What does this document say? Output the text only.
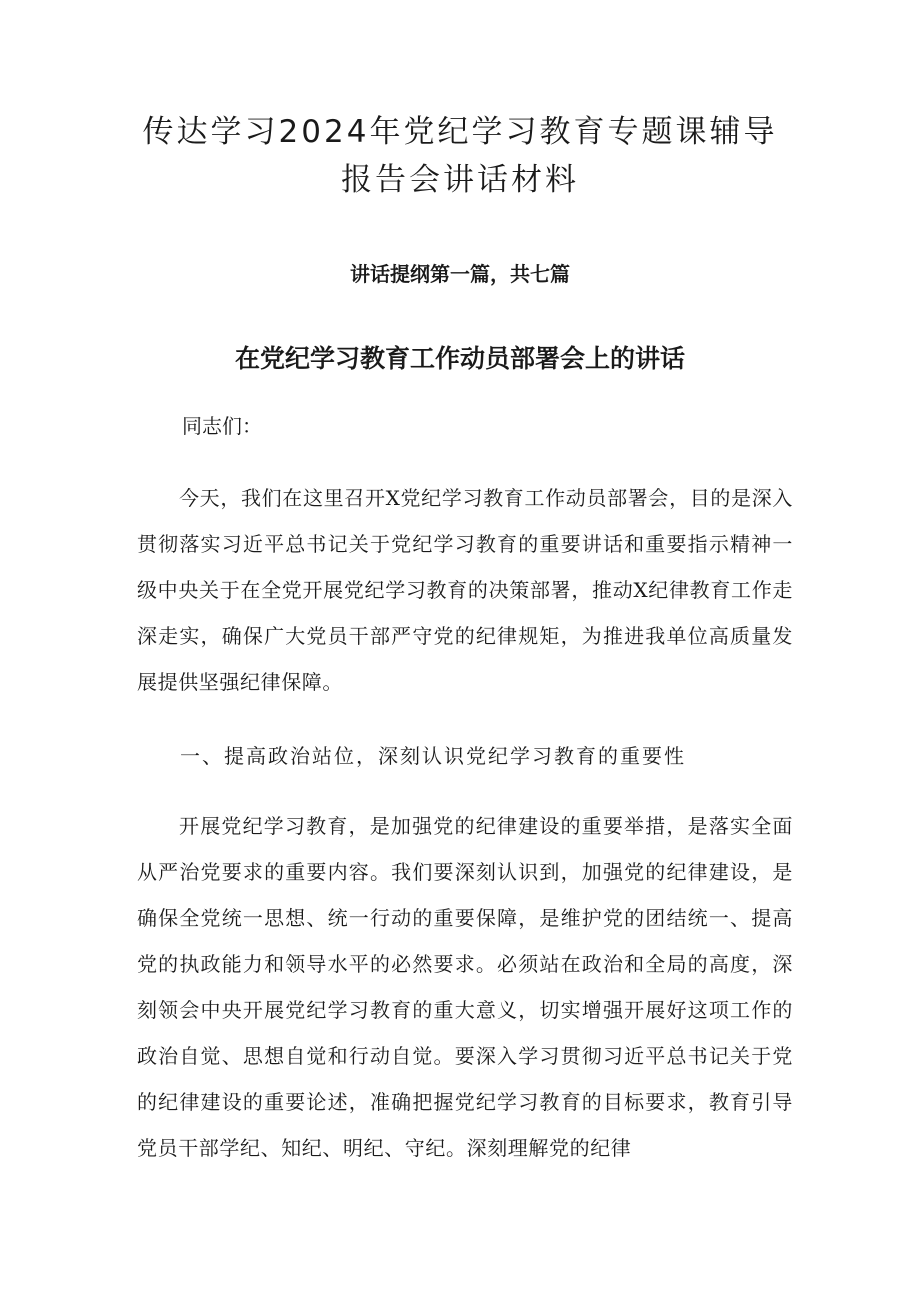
传达学习2024年党纪学习教育专题课辅导
报告会讲话材料

讲话提纲第一篇，共七篇

在党纪学习教育工作动员部署会上的讲话

同志们：

今天，我们在这里召开X党纪学习教育工作动员部署会，目的是深入贯彻落实习近平总书记关于党纪学习教育的重要讲话和重要指示精神一级中央关于在全党开展党纪学习教育的决策部署，推动X纪律教育工作走深走实，确保广大党员干部严守党的纪律规矩，为推进我单位高质量发展提供坚强纪律保障。

一、提高政治站位，深刻认识党纪学习教育的重要性

开展党纪学习教育，是加强党的纪律建设的重要举措，是落实全面从严治党要求的重要内容。我们要深刻认识到，加强党的纪律建设，是确保全党统一思想、统一行动的重要保障，是维护党的团结统一、提高党的执政能力和领导水平的必然要求。必须站在政治和全局的高度，深刻领会中央开展党纪学习教育的重大意义，切实增强开展好这项工作的政治自觉、思想自觉和行动自觉。要深入学习贯彻习近平总书记关于党的纪律建设的重要论述，准确把握党纪学习教育的目标要求，教育引导党员干部学纪、知纪、明纪、守纪。深刻理解党的纪律
